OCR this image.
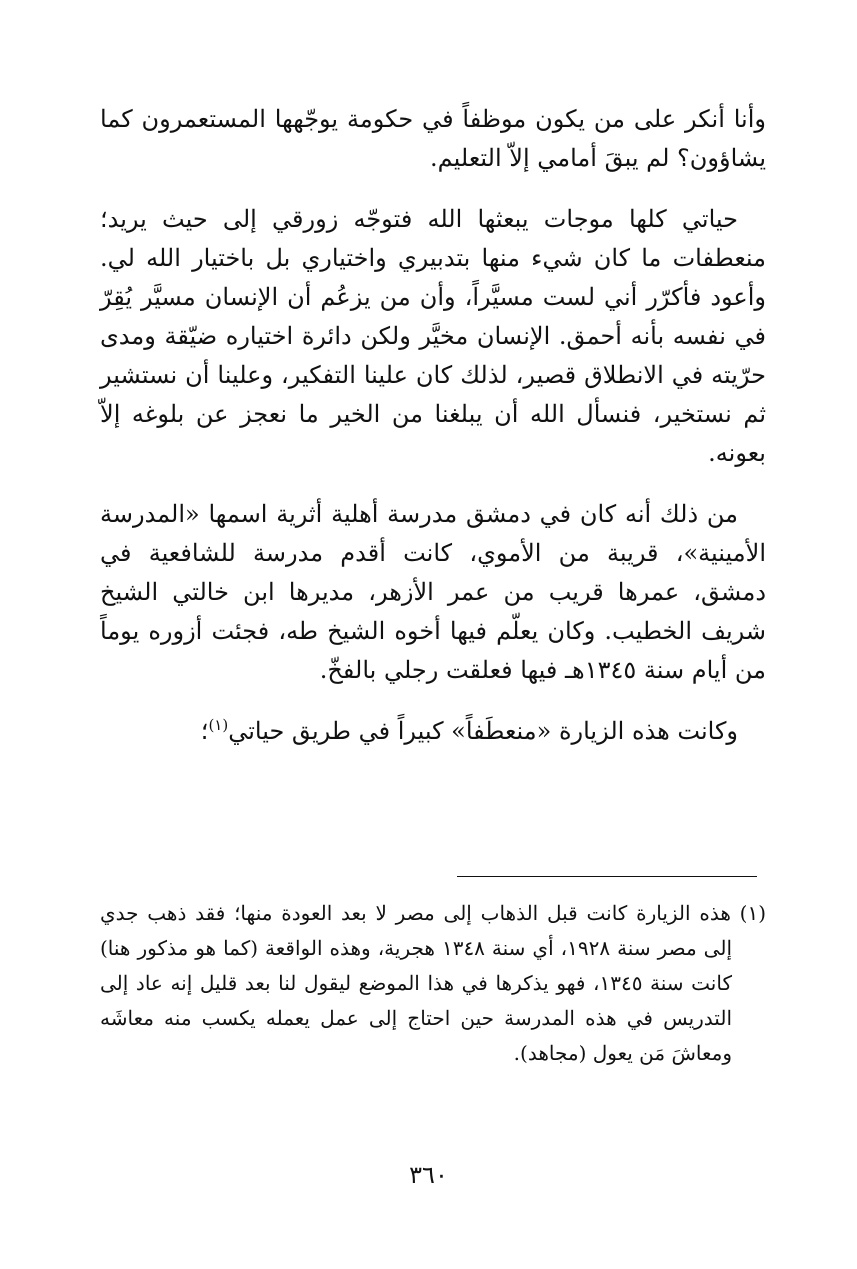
وأنا أنكر على من يكون موظفاً في حكومة يوجّهها المستعمرون كما يشاؤون؟ لم يبقَ أمامي إلاّ التعليم.

حياتي كلها موجات يبعثها الله فتوجّه زورقي إلى حيث يريد؛ منعطفات ما كان شيء منها بتدبيري واختياري بل باختيار الله لي. وأعود فأكرّر أني لست مسيَّراً، وأن من يزعُم أن الإنسان مسيَّر يُقِرّ في نفسه بأنه أحمق. الإنسان مخيَّر ولكن دائرة اختياره ضيّقة ومدى حرّيته في الانطلاق قصير، لذلك كان علينا التفكير، وعلينا أن نستشير ثم نستخير، فنسأل الله أن يبلغنا من الخير ما نعجز عن بلوغه إلاّ بعونه.

من ذلك أنه كان في دمشق مدرسة أهلية أثرية اسمها «المدرسة الأمينية»، قريبة من الأموي، كانت أقدم مدرسة للشافعية في دمشق، عمرها قريب من عمر الأزهر، مديرها ابن خالتي الشيخ شريف الخطيب. وكان يعلّم فيها أخوه الشيخ طه، فجئت أزوره يوماً من أيام سنة ١٣٤٥هـ فيها فعلقت رجلي بالفخّ.

وكانت هذه الزيارة «منعطَفاً» كبيراً في طريق حياتي$^{(١)}$؛

(١) هذه الزيارة كانت قبل الذهاب إلى مصر لا بعد العودة منها؛ فقد ذهب جدي إلى مصر سنة ١٩٢٨، أي سنة ١٣٤٨ هجرية، وهذه الواقعة (كما هو مذكور هنا) كانت سنة ١٣٤٥، فهو يذكرها في هذا الموضع ليقول لنا بعد قليل إنه عاد إلى التدريس في هذه المدرسة حين احتاج إلى عمل يعمله يكسب منه معاشَه ومعاشَ مَن يعول (مجاهد).

٣٦٠
